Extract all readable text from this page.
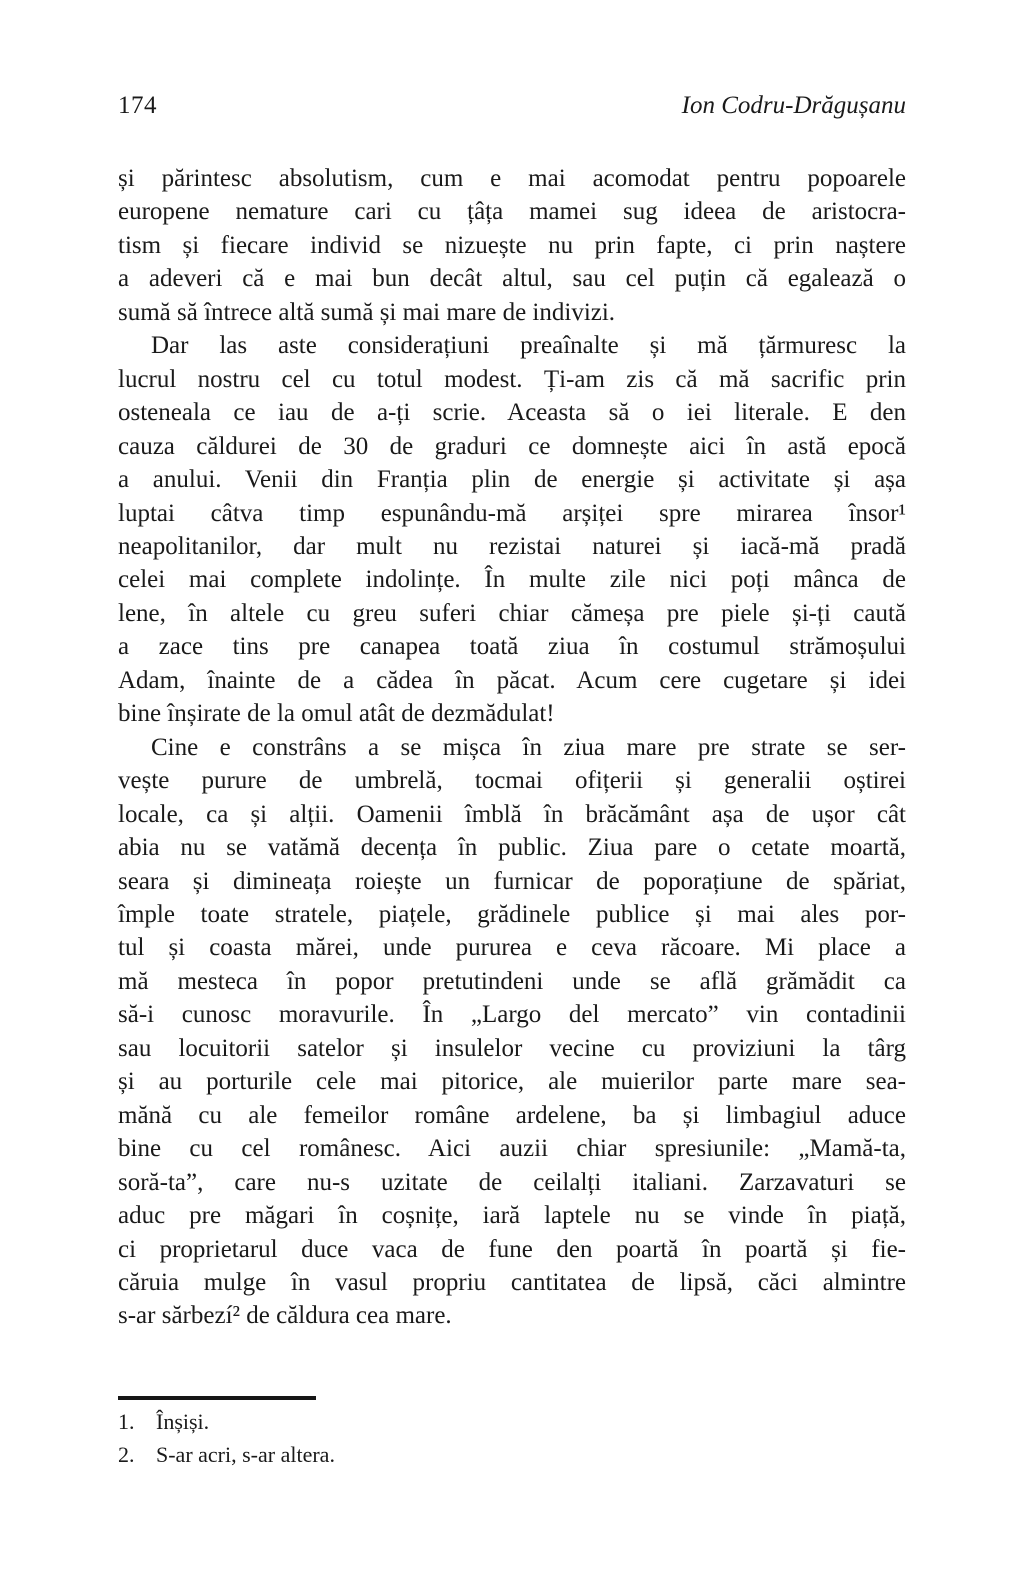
174	Ion Codru-Drăgușanu
și părintesc absolutism, cum e mai acomodat pentru popoarele
europene nemature cari cu țâța mamei sug ideea de aristocra-
tism și fiecare individ se nizuește nu prin fapte, ci prin naștere
a adeveri că e mai bun decât altul, sau cel puțin că egalează o
sumă să întrece altă sumă și mai mare de indivizi.
Dar las aste considerațiuni preaînalte și mă țărmuresc la
lucrul nostru cel cu totul modest. Ți-am zis că mă sacrific prin
osteneala ce iau de a-ți scrie. Aceasta să o iei literale. E den
cauza căldurei de 30 de graduri ce domnește aici în astă epocă
a anului. Venii din Franția plin de energie și activitate și așa
luptai câtva timp espunându-mă arșiței spre mirarea însor¹
neapolitanilor, dar mult nu rezistai naturei și iacă-mă pradă
celei mai complete indolințe. În multe zile nici poți mânca de
lene, în altele cu greu suferi chiar cămeșa pre piele și-ți caută
a zace tins pre canapea toată ziua în costumul strămoșului
Adam, înainte de a cădea în păcat. Acum cere cugetare și idei
bine înșirate de la omul atât de dezmădulat!
Cine e constrâns a se mișca în ziua mare pre strate se ser-
vește purure de umbrelă, tocmai ofițerii și generalii oștirei
locale, ca și alții. Oamenii îmblă în brăcământ așa de ușor cât
abia nu se vatămă decența în public. Ziua pare o cetate moartă,
seara și dimineața roiește un furnicar de poporațiune de spăriat,
împle toate stratele, piațele, grădinele publice și mai ales por-
tul și coasta mărei, unde pururea e ceva răcoare. Mi place a
mă mesteca în popor pretutindeni unde se află grămădit ca
să-i cunosc moravurile. În „Largo del mercato” vin contadinii
sau locuitorii satelor și insulelor vecine cu proviziuni la târg
și au porturile cele mai pitorice, ale muierilor parte mare sea-
mănă cu ale femeilor române ardelene, ba și limbagiul aduce
bine cu cel românesc. Aici auzii chiar spresiunile: „Mamă-ta,
soră-ta”, care nu-s uzitate de ceilalți italiani. Zarzavaturi se
aduc pre măgari în coșnițe, iară laptele nu se vinde în piață,
ci proprietarul duce vaca de fune den poartă în poartă și fie-
căruia mulge în vasul propriu cantitatea de lipsă, căci almintre
s-ar sărbezí² de căldura cea mare.
1. Înșiși.
2. S-ar acri, s-ar altera.
